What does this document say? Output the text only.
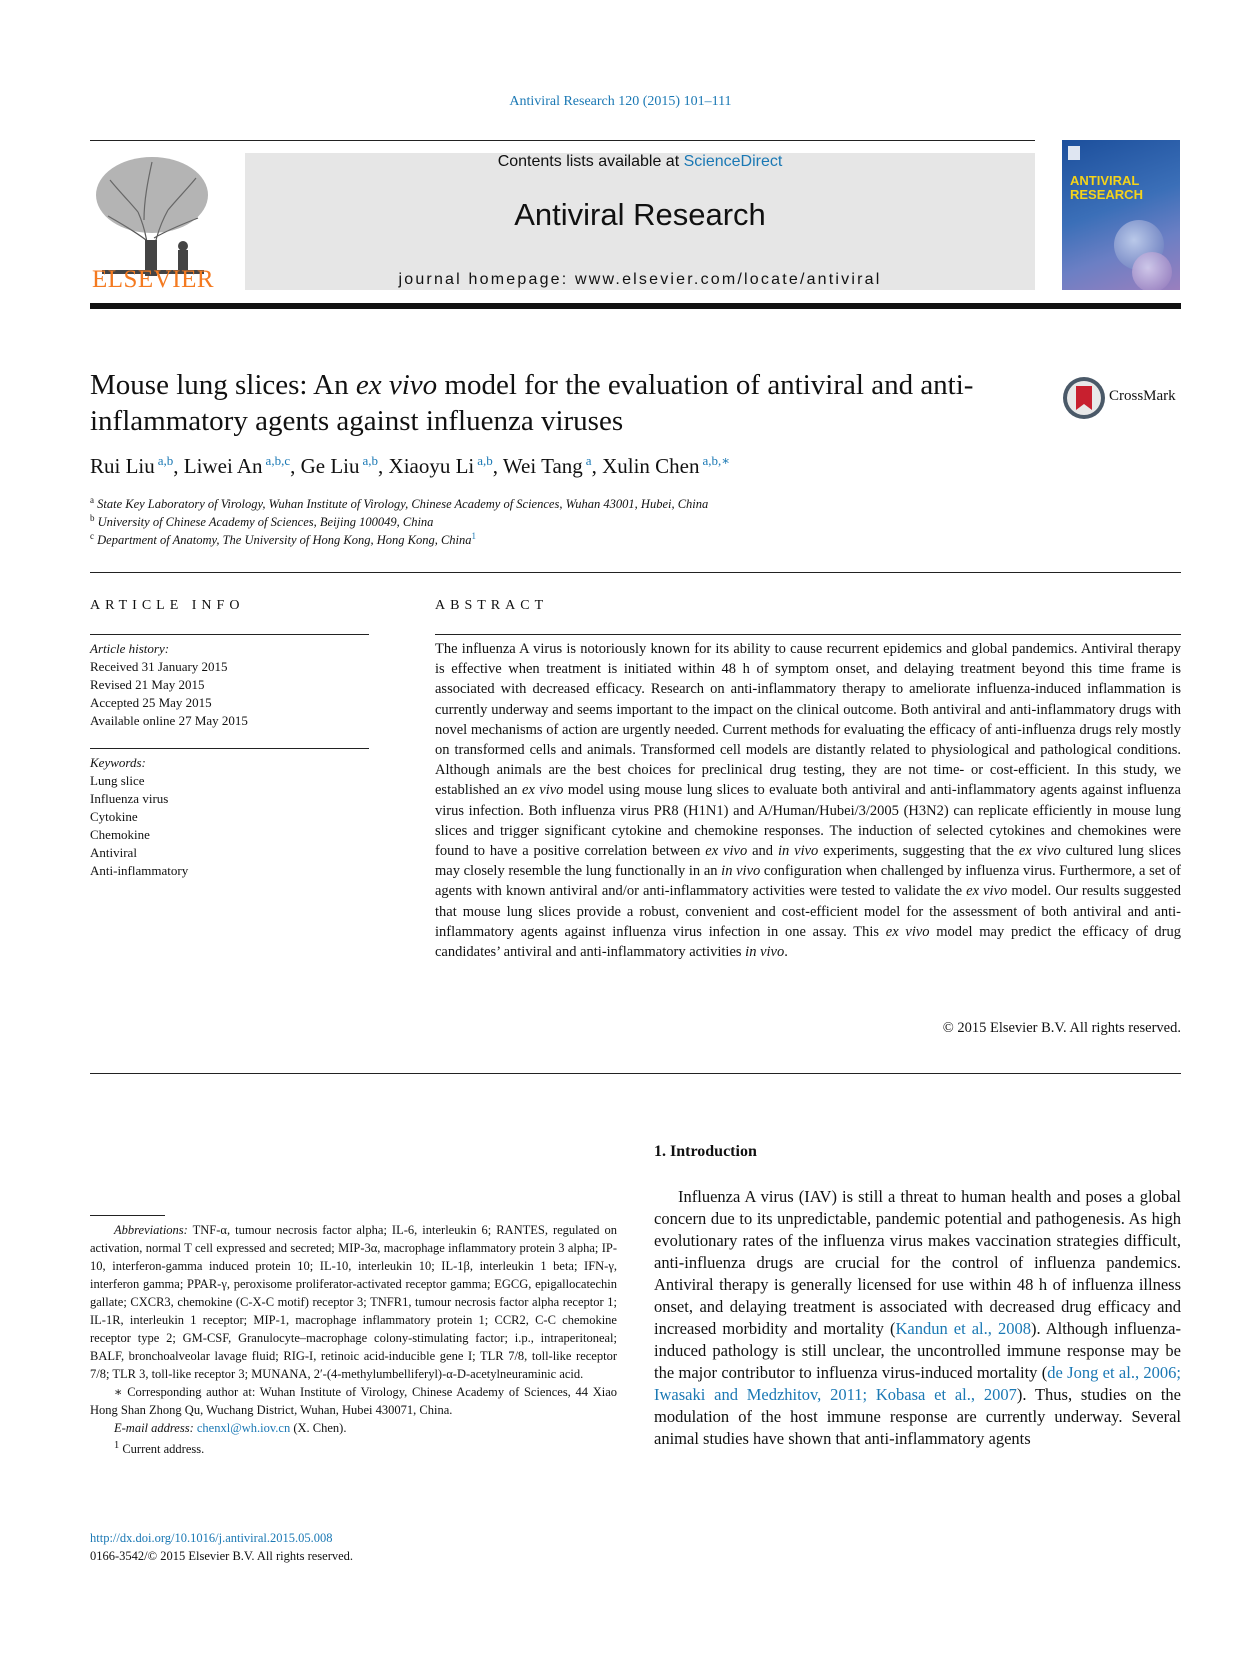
Antiviral Research 120 (2015) 101–111
ELSEVIER
Contents lists available at ScienceDirect
Antiviral Research
journal homepage: www.elsevier.com/locate/antiviral
ANTIVIRAL RESEARCH
Mouse lung slices: An ex vivo model for the evaluation of antiviral and anti-inflammatory agents against influenza viruses
CrossMark
Rui Liu $^{a,b}$, Liwei An $^{a,b,c}$, Ge Liu $^{a,b}$, Xiaoyu Li $^{a,b}$, Wei Tang $^a$, Xulin Chen $^{a,b,∗}$
$^a$ State Key Laboratory of Virology, Wuhan Institute of Virology, Chinese Academy of Sciences, Wuhan 43001, Hubei, China
$^b$ University of Chinese Academy of Sciences, Beijing 100049, China
$^c$ Department of Anatomy, The University of Hong Kong, Hong Kong, China$^1$
ARTICLE INFO
Article history:
Received 31 January 2015
Revised 21 May 2015
Accepted 25 May 2015
Available online 27 May 2015
Keywords:
Lung slice
Influenza virus
Cytokine
Chemokine
Antiviral
Anti-inflammatory
ABSTRACT
The influenza A virus is notoriously known for its ability to cause recurrent epidemics and global pandemics. Antiviral therapy is effective when treatment is initiated within 48 h of symptom onset, and delaying treatment beyond this time frame is associated with decreased efficacy. Research on anti-inflammatory therapy to ameliorate influenza-induced inflammation is currently underway and seems important to the impact on the clinical outcome. Both antiviral and anti-inflammatory drugs with novel mechanisms of action are urgently needed. Current methods for evaluating the efficacy of anti-influenza drugs rely mostly on transformed cells and animals. Transformed cell models are distantly related to physiological and pathological conditions. Although animals are the best choices for preclinical drug testing, they are not time- or cost-efficient. In this study, we established an ex vivo model using mouse lung slices to evaluate both antiviral and anti-inflammatory agents against influenza virus infection. Both influenza virus PR8 (H1N1) and A/Human/Hubei/3/2005 (H3N2) can replicate efficiently in mouse lung slices and trigger significant cytokine and chemokine responses. The induction of selected cytokines and chemokines were found to have a positive correlation between ex vivo and in vivo experiments, suggesting that the ex vivo cultured lung slices may closely resemble the lung functionally in an in vivo configuration when challenged by influenza virus. Furthermore, a set of agents with known antiviral and/or anti-inflammatory activities were tested to validate the ex vivo model. Our results suggested that mouse lung slices provide a robust, convenient and cost-efficient model for the assessment of both antiviral and anti-inflammatory agents against influenza virus infection in one assay. This ex vivo model may predict the efficacy of drug candidates’ antiviral and anti-inflammatory activities in vivo.
© 2015 Elsevier B.V. All rights reserved.
1. Introduction
Influenza A virus (IAV) is still a threat to human health and poses a global concern due to its unpredictable, pandemic potential and pathogenesis. As high evolutionary rates of the influenza virus makes vaccination strategies difficult, anti-influenza drugs are crucial for the control of influenza pandemics. Antiviral therapy is generally licensed for use within 48 h of influenza illness onset, and delaying treatment is associated with decreased drug efficacy and increased morbidity and mortality (Kandun et al., 2008). Although influenza-induced pathology is still unclear, the uncontrolled immune response may be the major contributor to influenza virus-induced mortality (de Jong et al., 2006; Iwasaki and Medzhitov, 2011; Kobasa et al., 2007). Thus, studies on the modulation of the host immune response are currently underway. Several animal studies have shown that anti-inflammatory agents

Abbreviations: TNF-α, tumour necrosis factor alpha; IL-6, interleukin 6; RANTES, regulated on activation, normal T cell expressed and secreted; MIP-3α, macrophage inflammatory protein 3 alpha; IP-10, interferon-gamma induced protein 10; IL-10, interleukin 10; IL-1β, interleukin 1 beta; IFN-γ, interferon gamma; PPAR-γ, peroxisome proliferator-activated receptor gamma; EGCG, epigallocatechin gallate; CXCR3, chemokine (C-X-C motif) receptor 3; TNFR1, tumour necrosis factor alpha receptor 1; IL-1R, interleukin 1 receptor; MIP-1, macrophage inflammatory protein 1; CCR2, C-C chemokine receptor type 2; GM-CSF, Granulocyte–macrophage colony-stimulating factor; i.p., intraperitoneal; BALF, bronchoalveolar lavage fluid; RIG-I, retinoic acid-inducible gene I; TLR 7/8, toll-like receptor 7/8; TLR 3, toll-like receptor 3; MUNANA, 2′-(4-methylumbelliferyl)-α-D-acetylneuraminic acid.

∗ Corresponding author at: Wuhan Institute of Virology, Chinese Academy of Sciences, 44 Xiao Hong Shan Zhong Qu, Wuchang District, Wuhan, Hubei 430071, China.

E-mail address: chenxl@wh.iov.cn (X. Chen).

$^1$ Current address.

http://dx.doi.org/10.1016/j.antiviral.2015.05.008
0166-3542/© 2015 Elsevier B.V. All rights reserved.
